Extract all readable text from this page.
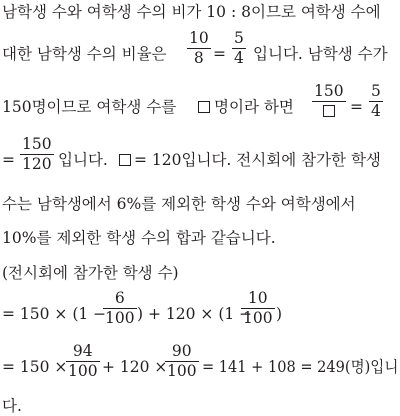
남학생 수와 여학생 수의 비가 10 : 8이므로 여학생 수에
대한 남학생 수의 비율은
10
8 =
5
4 입니다. 남학생 수가
150명이므로 여학생 수를 명이라 하면
150
=
5
4
=
150
120 입니다. = 120입니다. 전시회에 참가한 학생
수는 남학생에서 6%를 제외한 학생 수와 여학생에서
10%를 제외한 학생 수의 합과 같습니다.
(전시회에 참가한 학생 수)
= 150 × (1 −
6
100 ) + 120 × (1 −
10
100 )
= 150 ×
94
100 + 120 ×
90
100 = 141 + 108 = 249(명)입니
다.
